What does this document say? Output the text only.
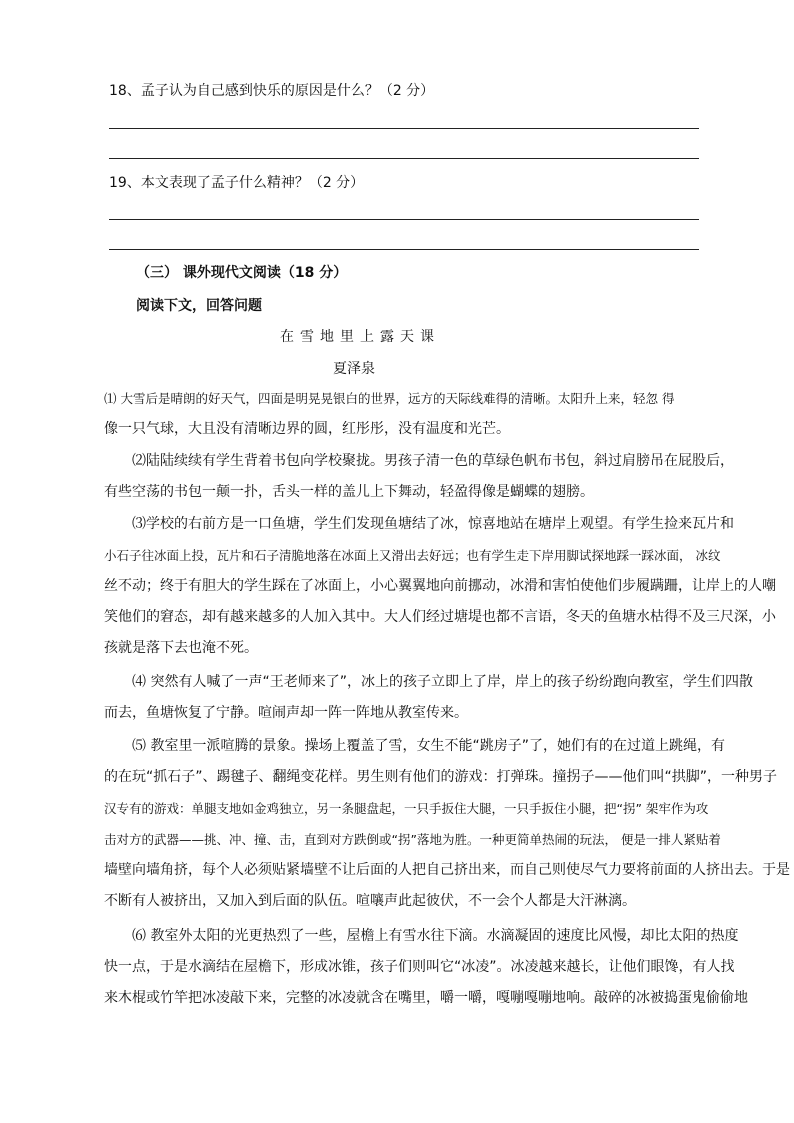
18、孟子认为自己感到快乐的原因是什么？（2 分）
19、本文表现了孟子什么精神？（2 分）
（三） 课外现代文阅读（18 分）
阅读下文，回答问题
在雪地里上露天课
夏泽泉
⑴ 大雪后是晴朗的好天气，四面是明晃晃银白的世界，远方的天际线难得的清晰。太阳升上来，轻忽 得
像一只气球，大且没有清晰边界的圆，红彤彤，没有温度和光芒。
⑵陆陆续续有学生背着书包向学校聚拢。男孩子清一色的草绿色帆布书包，斜过肩膀吊在屁股后，
有些空荡的书包一颠一扑，舌头一样的盖儿上下舞动，轻盈得像是蝴蝶的翅膀。
⑶学校的右前方是一口鱼塘，学生们发现鱼塘结了冰，惊喜地站在塘岸上观望。有学生捡来瓦片和
小石子往冰面上投，瓦片和石子清脆地落在冰面上又滑出去好远；也有学生走下岸用脚试探地踩一踩冰面， 冰纹
丝不动；终于有胆大的学生踩在了冰面上，小心翼翼地向前挪动，冰滑和害怕使他们步履蹒跚，让岸上的人嘲
笑他们的窘态，却有越来越多的人加入其中。大人们经过塘堤也都不言语，冬天的鱼塘水枯得不及三尺深，小
孩就是落下去也淹不死。
⑷ 突然有人喊了一声“王老师来了”，冰上的孩子立即上了岸，岸上的孩子纷纷跑向教室，学生们四散
而去，鱼塘恢复了宁静。喧闹声却一阵一阵地从教室传来。
⑸ 教室里一派喧腾的景象。操场上覆盖了雪，女生不能“跳房子”了，她们有的在过道上跳绳，有
的在玩“抓石子”、踢毽子、翻绳变花样。男生则有他们的游戏：打弹珠。撞拐子——他们叫“拱脚”，一种男子
汉专有的游戏：单腿支地如金鸡独立，另一条腿盘起，一只手扳住大腿，一只手扳住小腿，把“拐” 架牢作为攻
击对方的武器——挑、冲、撞、击，直到对方跌倒或“拐”落地为胜。一种更简单热闹的玩法， 便是一排人紧贴着
墙壁向墙角挤，每个人必须贴紧墙壁不让后面的人把自己挤出来，而自己则使尽气力要将前面的人挤出去。于是
不断有人被挤出，又加入到后面的队伍。喧嚷声此起彼伏，不一会个人都是大汗淋漓。
⑹ 教室外太阳的光更热烈了一些，屋檐上有雪水往下滴。水滴凝固的速度比风慢，却比太阳的热度
快一点，于是水滴结在屋檐下，形成冰锥，孩子们则叫它“冰凌”。冰凌越来越长，让他们眼馋，有人找
来木棍或竹竿把冰凌敲下来，完整的冰凌就含在嘴里，嚼一嚼，嘎嘣嘎嘣地响。敲碎的冰被捣蛋鬼偷偷地
